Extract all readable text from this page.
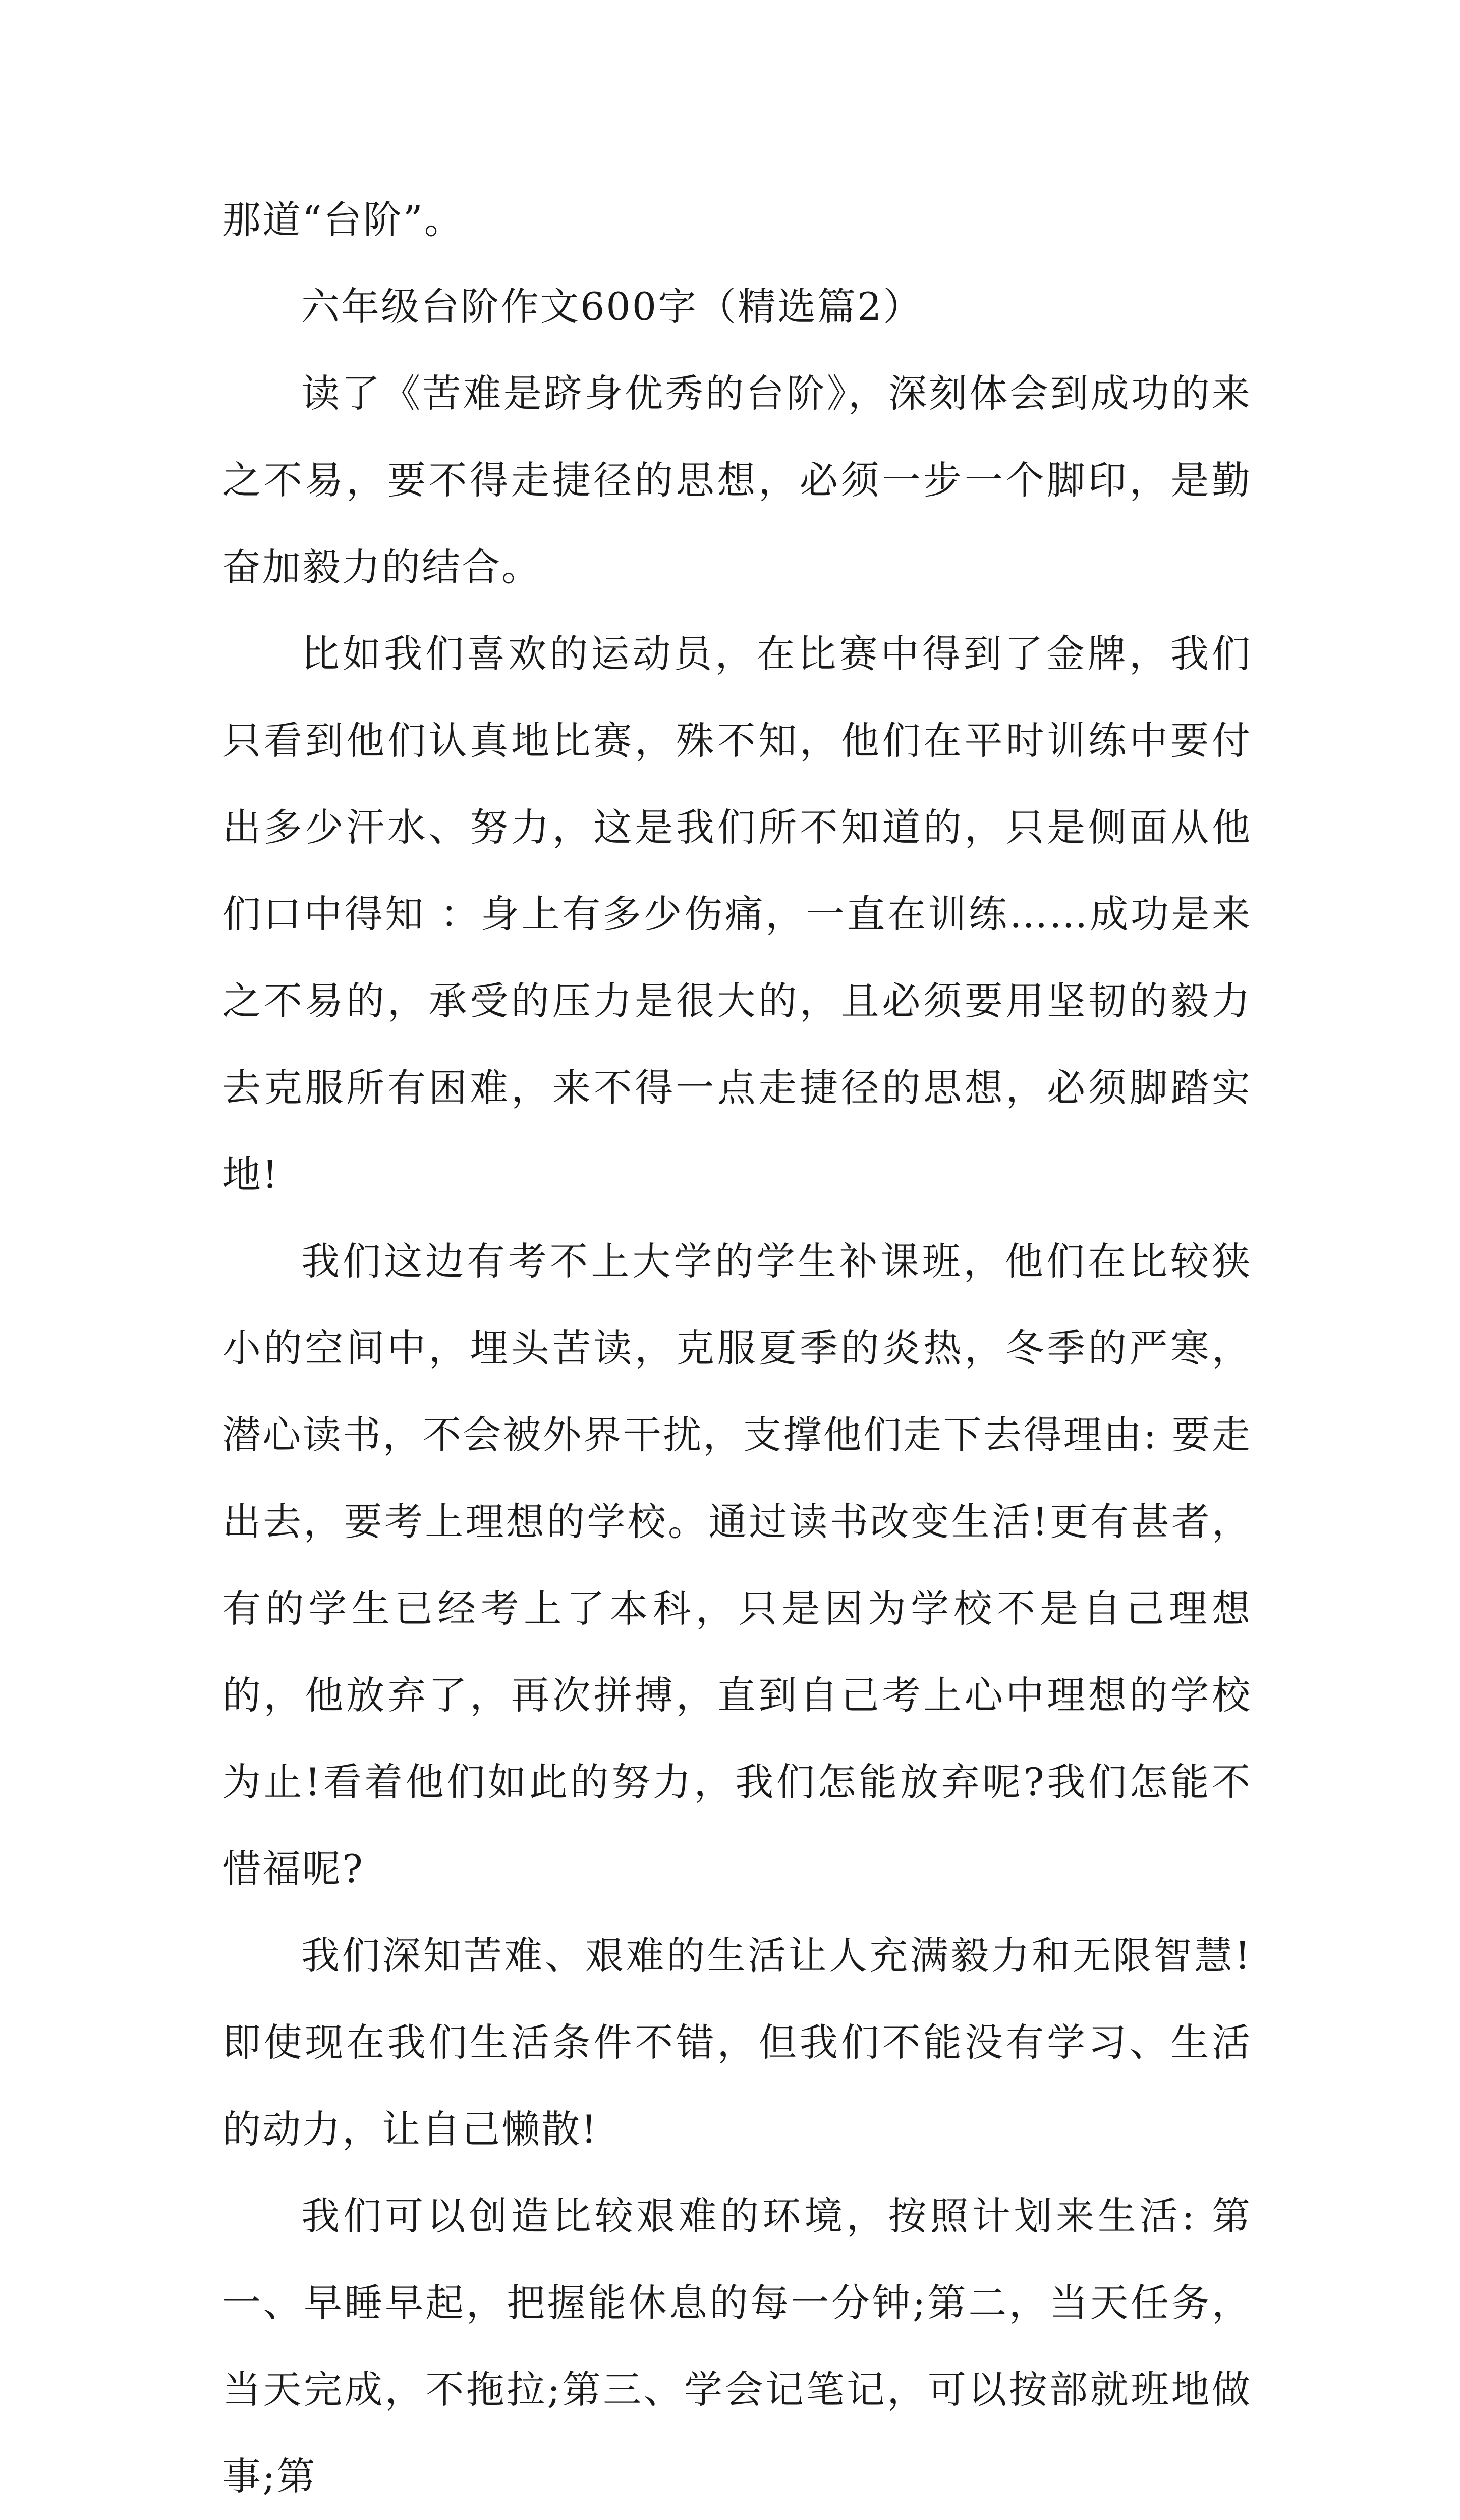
那道“台阶”。

六年级台阶作文600字（精选篇2）

读了《苦难是跻身优秀的台阶》，深刻体会到成功的来之不易，要不得走捷径的思想，必须一步一个脚印，是勤奋加毅力的结合。

比如我们喜欢的运动员，在比赛中得到了金牌，我们只看到他们认真地比赛，殊不知，他们在平时训练中要付出多少汗水、努力，这是我们所不知道的，只是侧面从他们口中得知 ：身上有多少伤痛，一直在训练……成功是来之不易的，承受的压力是很大的，且必须要用坚韧的毅力去克服所有困难，来不得一点走捷径的思想，必须脚踏实地!

我们这边有考不上大学的学生补课班，他们在比较狭小的空间中，埋头苦读，克服夏季的炎热，冬季的严寒，潜心读书，不会被外界干扰，支撑他们走下去得理由: 要走出去，要考上理想的学校。通过读书改变生活!更有甚者，有的学生已经考上了本科，只是因为学校不是自己理想的，他放弃了，再次拼搏，直到自己考上心中理想的学校为止!看着他们如此的努力，我们怎能放弃呢?我们怎能不惜福呢?

我们深知苦难、艰难的生活让人充满毅力和无限智慧!即使现在我们生活条件不错，但我们不能没有学习、生活的动力，让自己懒散!

我们可以创造比较艰难的环境，按照计划来生活: 第一、早睡早起，把握能休息的每一分钟;第二，当天任务，当天完成，不拖拉;第三、学会记笔记，可以按部就班地做事;第
